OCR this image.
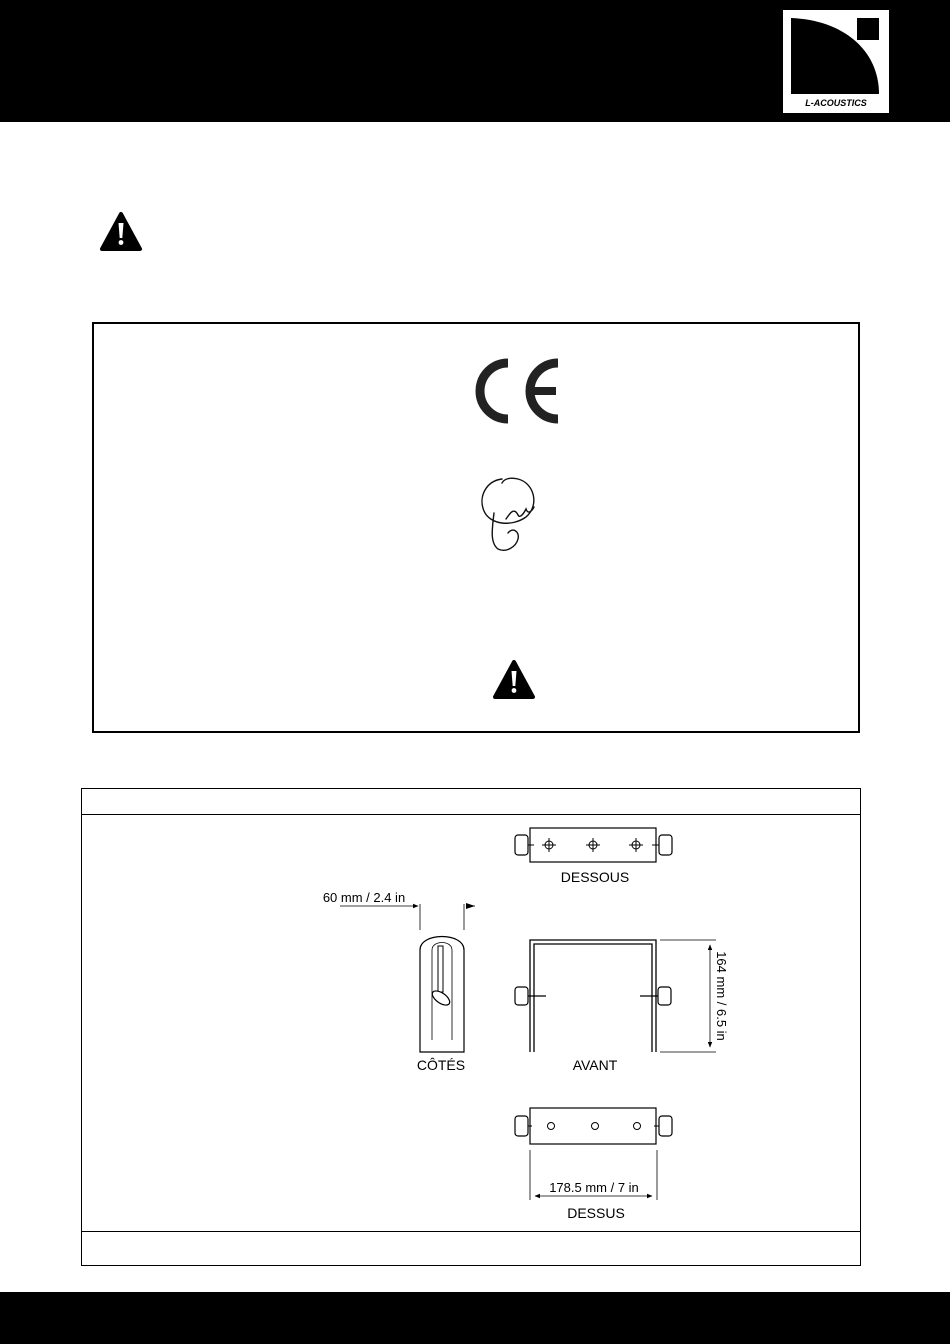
L-ACOUSTICS
DESSOUS
60 mm / 2.4 in
CÔTÉS
164 mm / 6.5 in
AVANT
178.5 mm / 7 in
DESSUS
